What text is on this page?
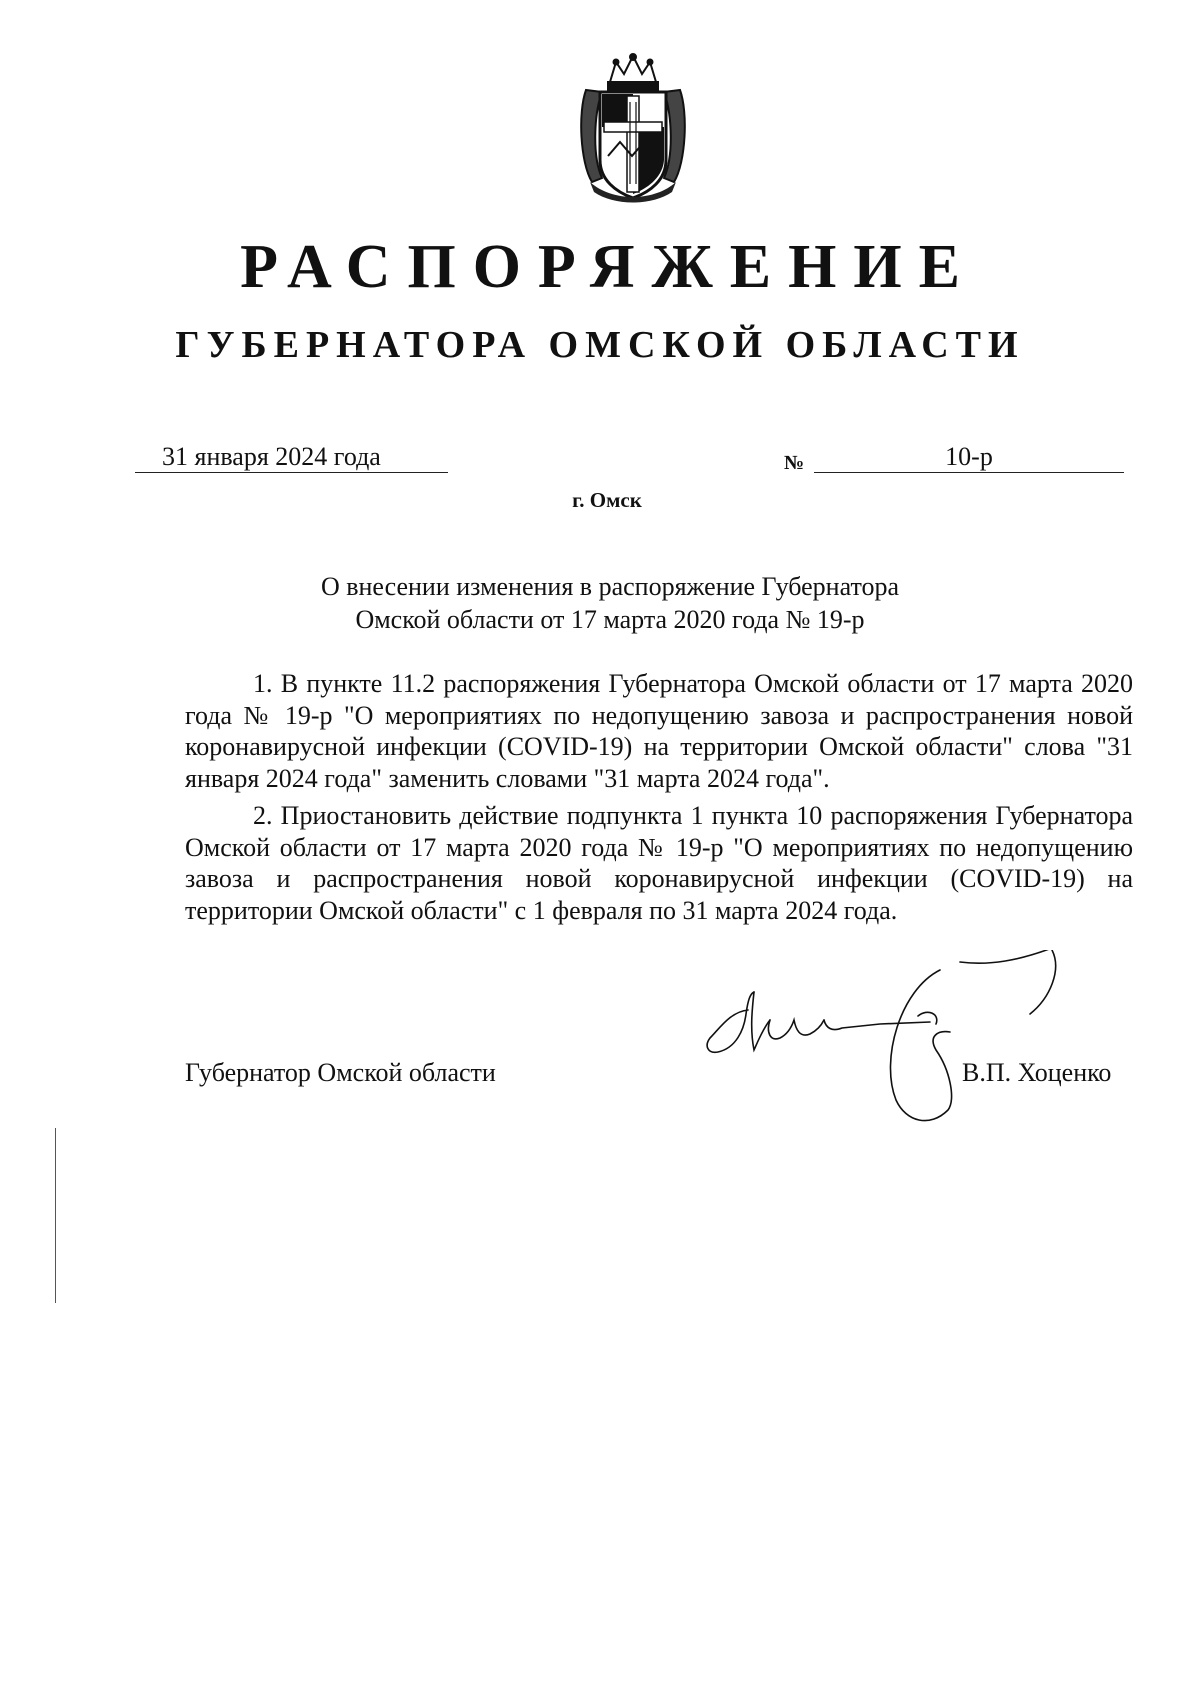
РАСПОРЯЖЕНИЕ
ГУБЕРНАТОРА ОМСКОЙ ОБЛАСТИ
31 января 2024 года	№	10-р
г. Омск
О внесении изменения в распоряжение Губернатора
Омской области от 17 марта 2020 года № 19-р

1. В пункте 11.2 распоряжения Губернатора Омской области от 17 марта 2020 года № 19-р "О мероприятиях по недопущению завоза и распространения новой коронавирусной инфекции (COVID-19) на территории Омской области" слова "31 января 2024 года" заменить словами "31 марта 2024 года".

2. Приостановить действие подпункта 1 пункта 10 распоряжения Губернатора Омской области от 17 марта 2020 года № 19-р "О мероприятиях по недопущению завоза и распространения новой коронавирусной инфекции (COVID-19) на территории Омской области" с 1 февраля по 31 марта 2024 года.

Губернатор Омской области	В.П. Хоценко
